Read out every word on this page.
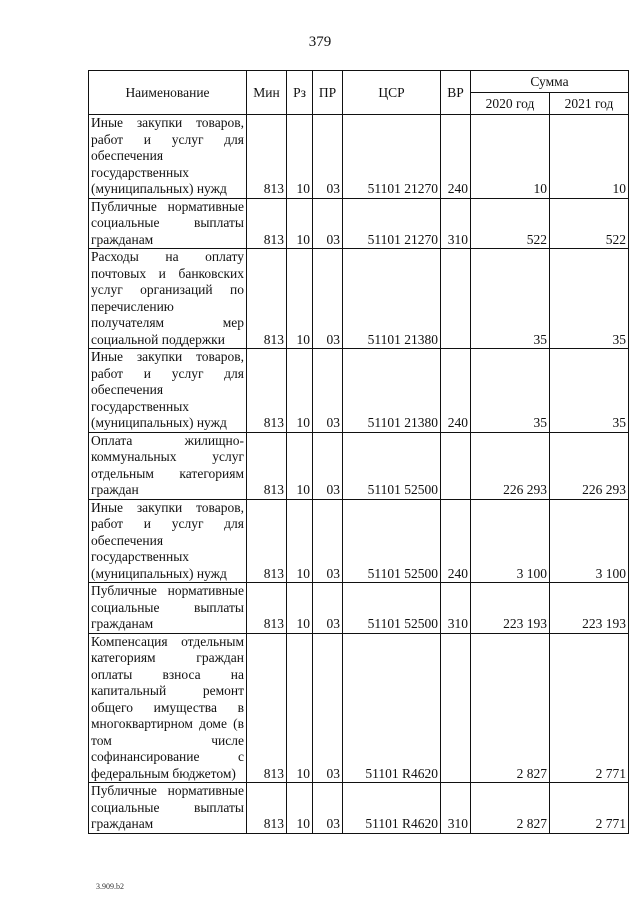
379
Наименование	Мин	Рз	ПР	ЦСР	ВР	Сумма	
						2020 год	2021 год
Иные закупки товаров, работ и услуг для обеспечения государственных (муниципальных) нужд	813	10	03	51101 21270	240	10	10
Публичные нормативные социальные выплаты гражданам	813	10	03	51101 21270	310	522	522
Расходы на оплату почтовых и банковских услуг организаций по перечислению получателям мер социальной поддержки	813	10	03	51101 21380		35	35
Иные закупки товаров, работ и услуг для обеспечения государственных (муниципальных) нужд	813	10	03	51101 21380	240	35	35
Оплата жилищно-коммунальных услуг отдельным категориям граждан	813	10	03	51101 52500		226 293	226 293
Иные закупки товаров, работ и услуг для обеспечения государственных (муниципальных) нужд	813	10	03	51101 52500	240	3 100	3 100
Публичные нормативные социальные выплаты гражданам	813	10	03	51101 52500	310	223 193	223 193
Компенсация отдельным категориям граждан оплаты взноса на капитальный ремонт общего имущества в многоквартирном доме (в том числе софинансирование с федеральным бюджетом)	813	10	03	51101 R4620		2 827	2 771
Публичные нормативные социальные выплаты гражданам	813	10	03	51101 R4620	310	2 827	2 771
3.909.b2
